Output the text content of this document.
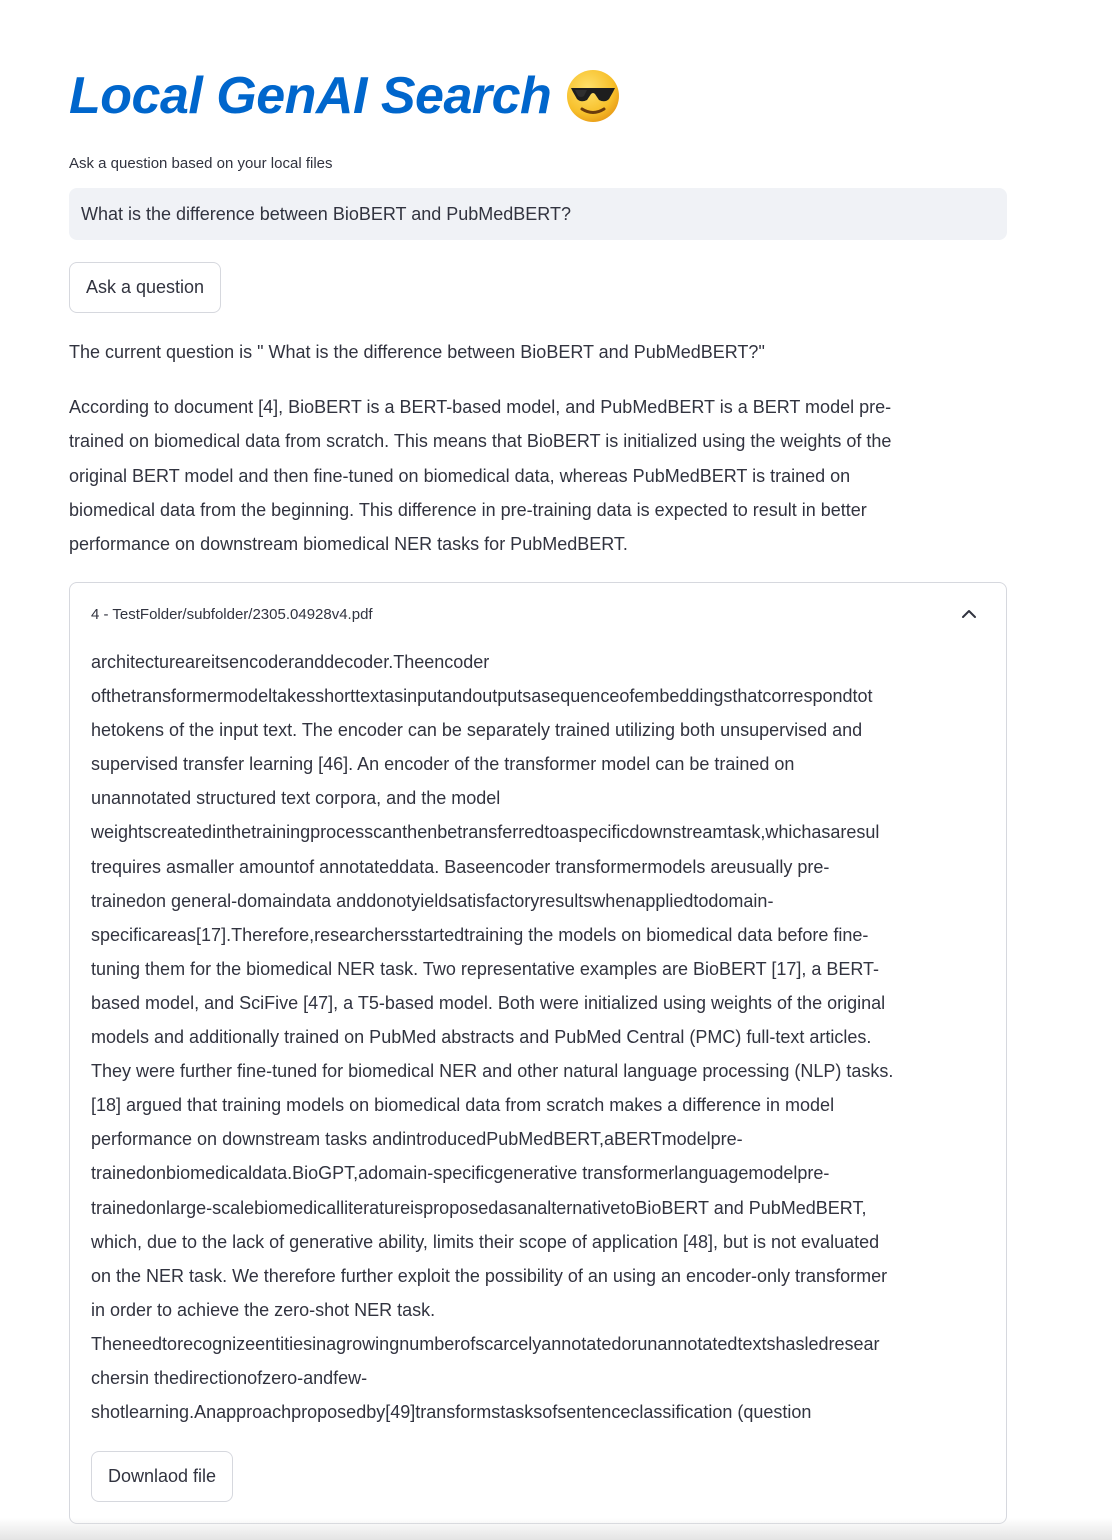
Local GenAI Search
Ask a question based on your local files
What is the difference between BioBERT and PubMedBERT?
Ask a question
The current question is " What is the difference between BioBERT and PubMedBERT?"

According to document [4], BioBERT is a BERT-based model, and PubMedBERT is a BERT model pre-
trained on biomedical data from scratch. This means that BioBERT is initialized using the weights of the
original BERT model and then fine-tuned on biomedical data, whereas PubMedBERT is trained on
biomedical data from the beginning. This difference in pre-training data is expected to result in better
performance on downstream biomedical NER tasks for PubMedBERT.

4 - TestFolder/subfolder/2305.04928v4.pdf

architectureareitsencoderanddecoder.Theencoder
ofthetransformermodeltakesshorttextasinputandoutputsasequenceofembeddingsthatcorrespondtot
hetokens of the input text. The encoder can be separately trained utilizing both unsupervised and
supervised transfer learning [46]. An encoder of the transformer model can be trained on
unannotated structured text corpora, and the model
weightscreatedinthetrainingprocesscanthenbetransferredtoaspecificdownstreamtask,whichasaresul
trequires asmaller amountof annotateddata. Baseencoder transformermodels areusually pre-
trainedon general-domaindata anddonotyieldsatisfactoryresultswhenappliedtodomain-
specificareas[17].Therefore,researchersstartedtraining the models on biomedical data before fine-
tuning them for the biomedical NER task. Two representative examples are BioBERT [17], a BERT-
based model, and SciFive [47], a T5-based model. Both were initialized using weights of the original
models and additionally trained on PubMed abstracts and PubMed Central (PMC) full-text articles.
They were further fine-tuned for biomedical NER and other natural language processing (NLP) tasks.
[18] argued that training models on biomedical data from scratch makes a difference in model
performance on downstream tasks andintroducedPubMedBERT,aBERTmodelpre-
trainedonbiomedicaldata.BioGPT,adomain-specificgenerative transformerlanguagemodelpre-
trainedonlarge-scalebiomedicalliteratureisproposedasanalternativetoBioBERT and PubMedBERT,
which, due to the lack of generative ability, limits their scope of application [48], but is not evaluated
on the NER task. We therefore further exploit the possibility of an using an encoder-only transformer
in order to achieve the zero-shot NER task.
Theneedtorecognizeentitiesinagrowingnumberofscarcelyannotatedorunannotatedtextshasledresear
chersin thedirectionofzero-andfew-
shotlearning.Anapproachproposedby[49]transformstasksofsentenceclassification (question

Downlaod file
